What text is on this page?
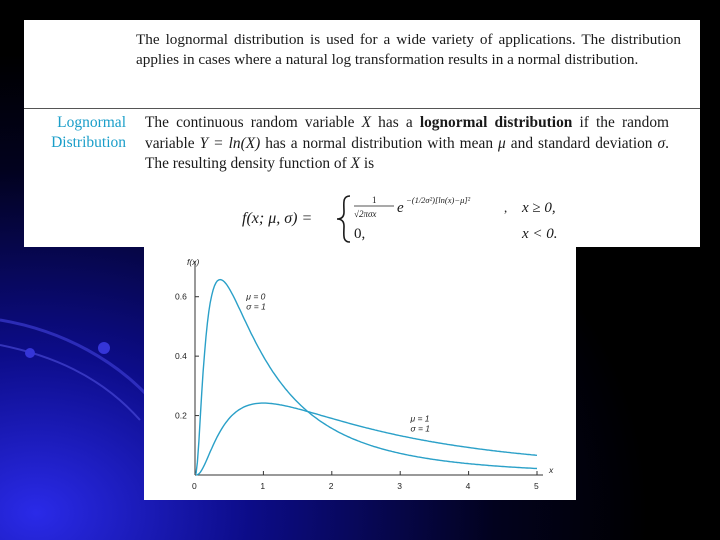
The lognormal distribution is used for a wide variety of applications. The distribution applies in cases where a natural log transformation results in a normal distribution.
Lognormal
Distribution
The continuous random variable X has a lognormal distribution if the random variable Y = ln(X) has a normal distribution with mean μ and standard deviation σ. The resulting density function of X is
f(x; μ, σ) =
1
√2πσx e −(1/2σ²)[ln(x)−μ]²	, x ≥ 0,
0,	x < 0.
f(x)
x
0	1	2	3	4	5
0.2
0.4
0.6	μ = 0
σ = 1
μ = 1
σ = 1
